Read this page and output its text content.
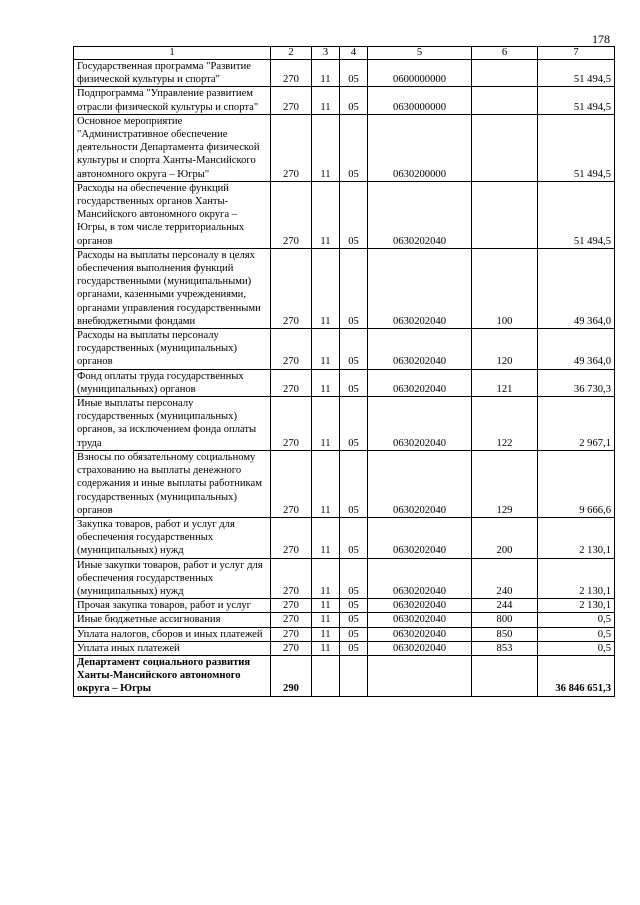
178
1	2	3	4	5	6	7
Государственная программа "Развитие физической культуры и спорта"	270	11	05	0600000000		51 494,5
Подпрограмма "Управление развитием отрасли физической культуры и спорта"	270	11	05	0630000000		51 494,5
Основное мероприятие "Административное обеспечение деятельности Департамента физической культуры и спорта Ханты-Мансийского автономного округа – Югры"	270	11	05	0630200000		51 494,5
Расходы на обеспечение функций государственных органов Ханты-Мансийского автономного округа – Югры, в том числе территориальных органов	270	11	05	0630202040		51 494,5
Расходы на выплаты персоналу в целях обеспечения выполнения функций государственными (муниципальными) органами, казенными учреждениями, органами управления государственными внебюджетными фондами	270	11	05	0630202040	100	49 364,0
Расходы на выплаты персоналу государственных (муниципальных) органов	270	11	05	0630202040	120	49 364,0
Фонд оплаты труда государственных (муниципальных) органов	270	11	05	0630202040	121	36 730,3
Иные выплаты персоналу государственных (муниципальных) органов, за исключением фонда оплаты труда	270	11	05	0630202040	122	2 967,1
Взносы по обязательному социальному страхованию на выплаты денежного содержания и иные выплаты работникам государственных (муниципальных) органов	270	11	05	0630202040	129	9 666,6
Закупка товаров, работ и услуг для обеспечения государственных (муниципальных) нужд	270	11	05	0630202040	200	2 130,1
Иные закупки товаров, работ и услуг для обеспечения государственных (муниципальных) нужд	270	11	05	0630202040	240	2 130,1
Прочая закупка товаров, работ и услуг	270	11	05	0630202040	244	2 130,1
Иные бюджетные ассигнования	270	11	05	0630202040	800	0,5
Уплата налогов, сборов и иных платежей	270	11	05	0630202040	850	0,5
Уплата иных платежей	270	11	05	0630202040	853	0,5
Департамент социального развития Ханты-Мансийского автономного округа – Югры	290					36 846 651,3
